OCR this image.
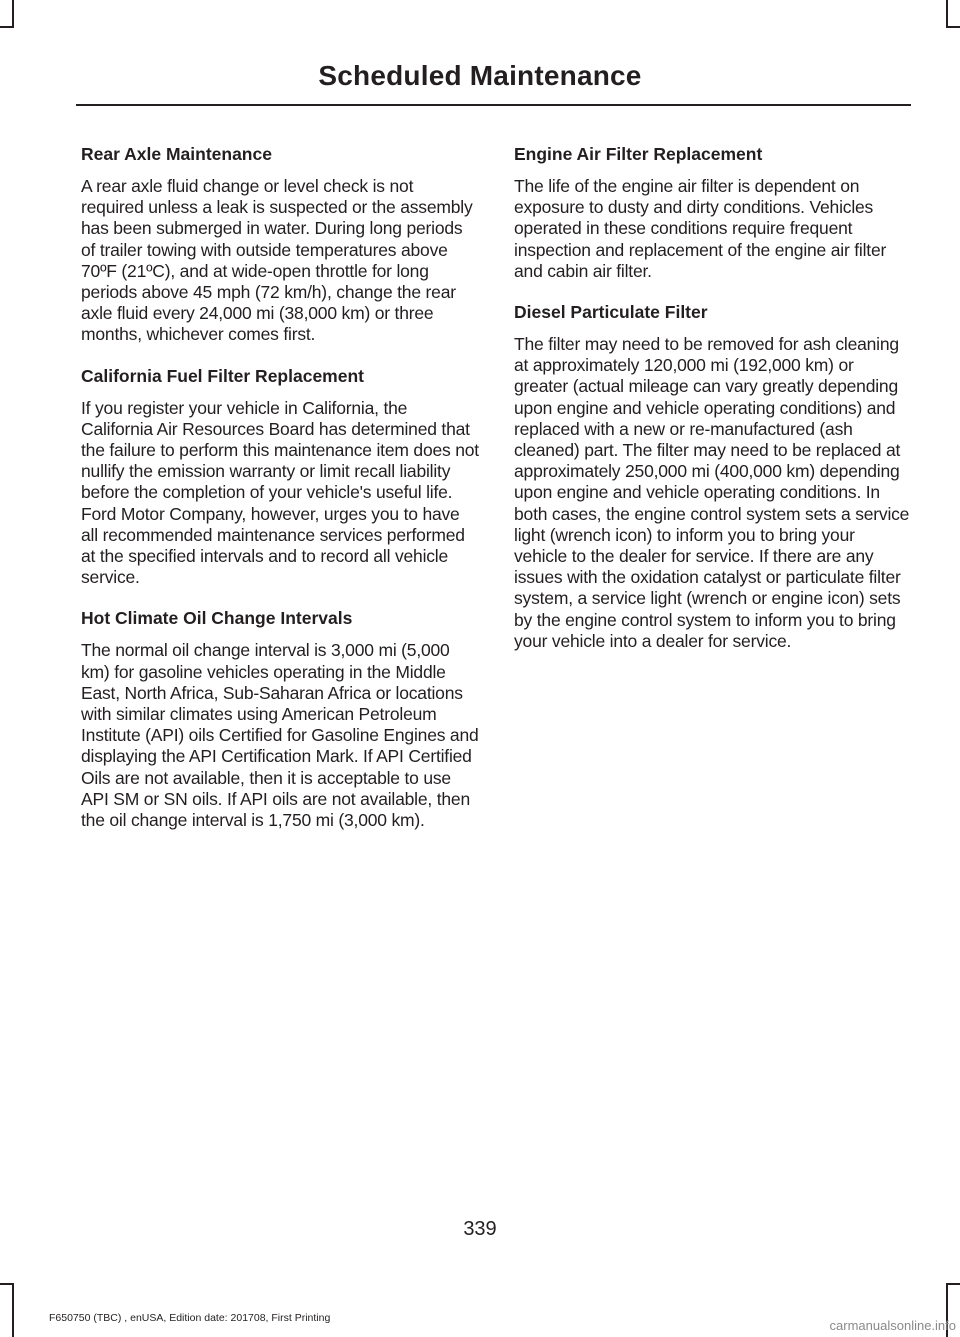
Scheduled Maintenance
Rear Axle Maintenance
A rear axle fluid change or level check is not required unless a leak is suspected or the assembly has been submerged in water. During long periods of trailer towing with outside temperatures above 70ºF (21ºC), and at wide-open throttle for long periods above 45 mph (72 km/h), change the rear axle fluid every 24,000 mi (38,000 km) or three months, whichever comes first.
California Fuel Filter Replacement
If you register your vehicle in California, the California Air Resources Board has determined that the failure to perform this maintenance item does not nullify the emission warranty or limit recall liability before the completion of your vehicle's useful life. Ford Motor Company, however, urges you to have all recommended maintenance services performed at the specified intervals and to record all vehicle service.
Hot Climate Oil Change Intervals
The normal oil change interval is 3,000 mi (5,000 km) for gasoline vehicles operating in the Middle East, North Africa, Sub-Saharan Africa or locations with similar climates using American Petroleum Institute (API) oils Certified for Gasoline Engines and displaying the API Certification Mark. If API Certified Oils are not available, then it is acceptable to use API SM or SN oils. If API oils are not available, then the oil change interval is 1,750 mi (3,000 km).
Engine Air Filter Replacement
The life of the engine air filter is dependent on exposure to dusty and dirty conditions. Vehicles operated in these conditions require frequent inspection and replacement of the engine air filter and cabin air filter.
Diesel Particulate Filter
The filter may need to be removed for ash cleaning at approximately 120,000 mi (192,000 km) or greater (actual mileage can vary greatly depending upon engine and vehicle operating conditions) and replaced with a new or re-manufactured (ash cleaned) part. The filter may need to be replaced at approximately 250,000 mi (400,000 km) depending upon engine and vehicle operating conditions. In both cases, the engine control system sets a service light (wrench icon) to inform you to bring your vehicle to the dealer for service. If there are any issues with the oxidation catalyst or particulate filter system, a service light (wrench or engine icon) sets by the engine control system to inform you to bring your vehicle into a dealer for service.
339
F650750 (TBC) , enUSA, Edition date: 201708, First Printing	carmanualsonline.info
